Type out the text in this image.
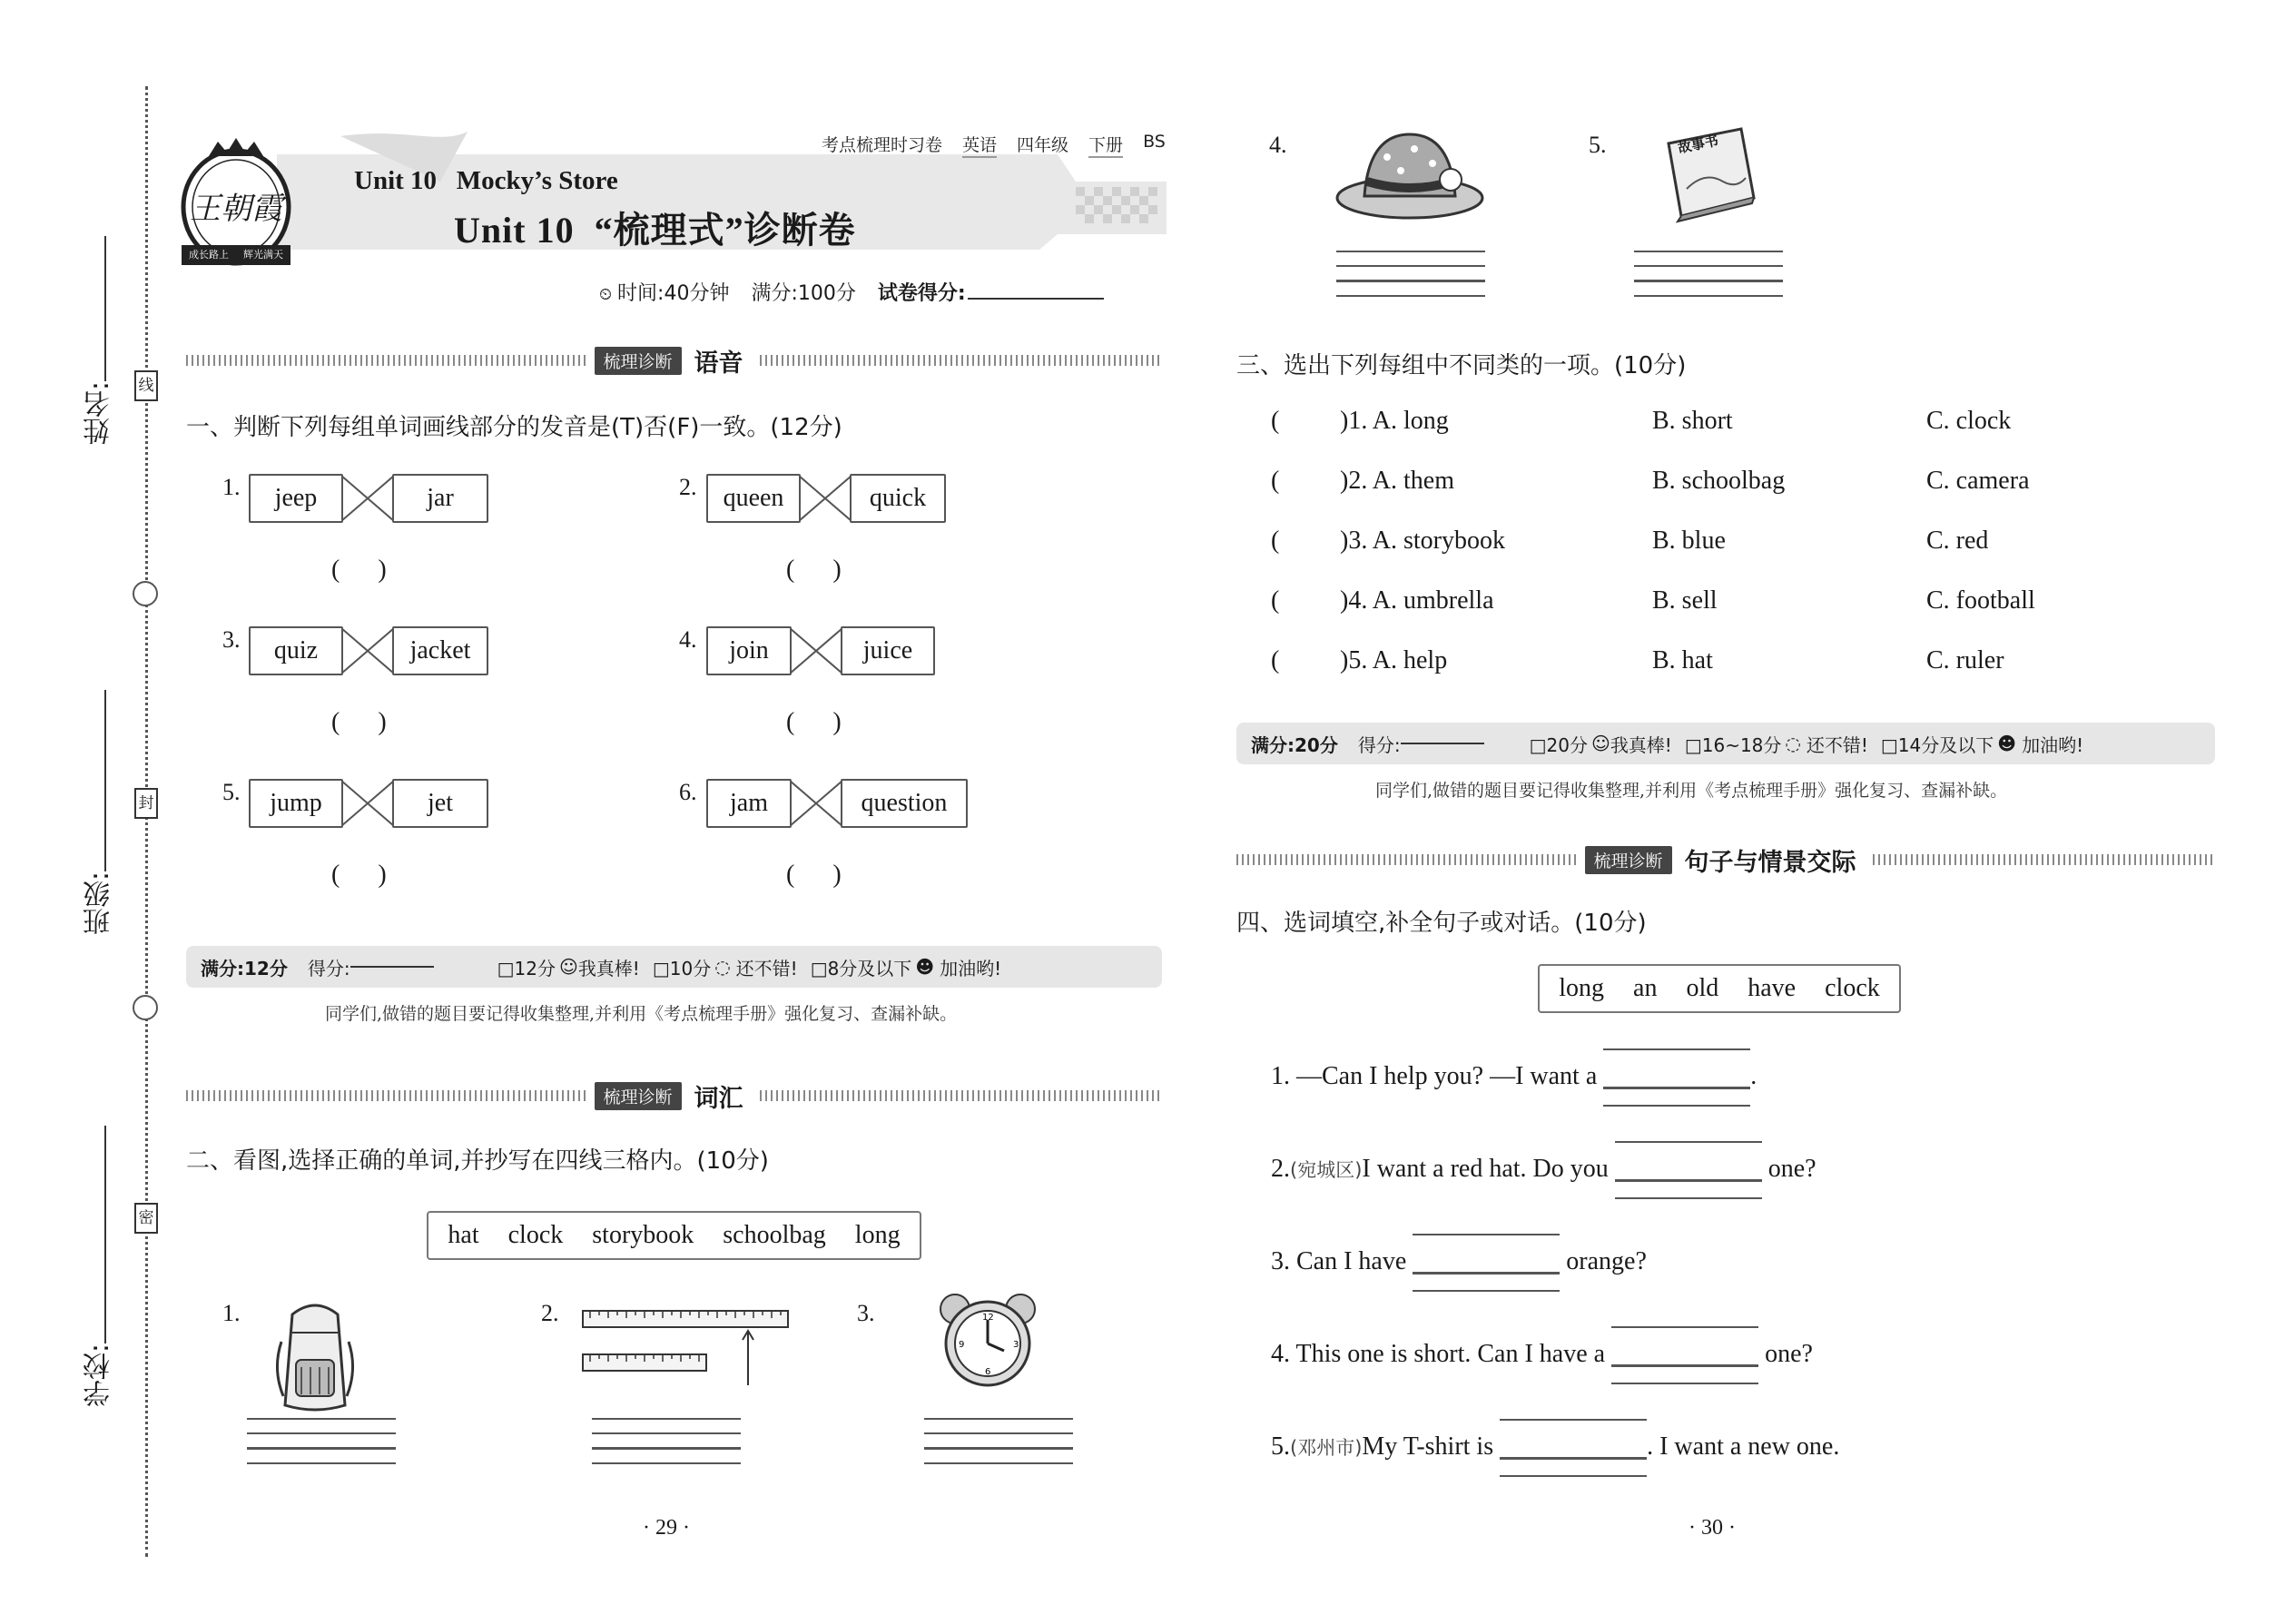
姓名:
班级:
学校:
线
封
密
王朝霞
成长路上	辉光满天
考点梳理时习卷 英语 四年级 下册 BS
Unit 10   Mocky’s Store
Unit 10  “梳理式”诊断卷
⏲ 时间:40分钟 满分:100分 试卷得分:
梳理诊断 语音
一、判断下列每组单词画线部分的发音是(T)否(F)一致。(12分)
1.	jeep	jar
(      )
2.	queen	quick
(      )
3.	quiz	jacket
(      )
4.	join	juice
(      )
5.	jump	jet
(      )
6.	jam	question
(      )
满分:12分 得分:	□12分 ☺ 我真棒! □10分 ◌ 还不错! □8分及以下 ☻ 加油哟!
同学们,做错的题目要记得收集整理,并利用《考点梳理手册》强化复习、查漏补缺。
梳理诊断 词汇
二、看图,选择正确的单词,并抄写在四线三格内。(10分)
hat clock storybook schoolbag long
1.	2.	3.	12
3
6
9
· 29 ·
4.	5.	故事书
三、选出下列每组中不同类的一项。(10分)
( )1. A. long	B. short	C. clock
( )2. A. them	B. schoolbag	C. camera
( )3. A. storybook	B. blue	C. red
( )4. A. umbrella	B. sell	C. football
( )5. A. help	B. hat	C. ruler
满分:20分 得分:	□20分 ☺ 我真棒! □16~18分 ◌ 还不错! □14分及以下 ☻ 加油哟!
同学们,做错的题目要记得收集整理,并利用《考点梳理手册》强化复习、查漏补缺。
梳理诊断 句子与情景交际
四、选词填空,补全句子或对话。(10分)
long an old have clock
1. —Can I help you? —I want a	.
2.(宛城区)I want a red hat. Do you	one?
3. Can I have	orange?
4. This one is short. Can I have a	one?
5.(邓州市)My T-shirt is	. I want a new one.
· 30 ·
